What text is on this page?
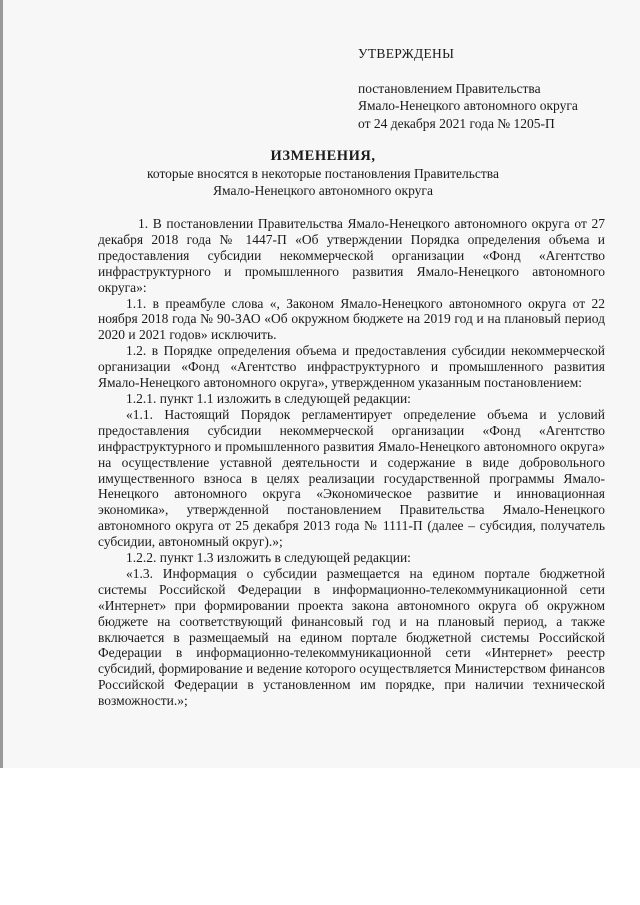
УТВЕРЖДЕНЫ
постановлением Правительства
Ямало-Ненецкого автономного округа
от 24 декабря 2021 года № 1205-П
ИЗМЕНЕНИЯ,
которые вносятся в некоторые постановления Правительства
Ямало-Ненецкого автономного округа

1. В постановлении Правительства Ямало-Ненецкого автономного округа от 27 декабря 2018 года № 1447-П «Об утверждении Порядка определения объема и предоставления субсидии некоммерческой организации «Фонд «Агентство инфраструктурного и промышленного развития Ямало-Ненецкого автономного округа»:

1.1. в преамбуле слова «, Законом Ямало-Ненецкого автономного округа от 22 ноября 2018 года № 90-ЗАО «Об окружном бюджете на 2019 год и на плановый период 2020 и 2021 годов» исключить.

1.2. в Порядке определения объема и предоставления субсидии некоммерческой организации «Фонд «Агентство инфраструктурного и промышленного развития Ямало-Ненецкого автономного округа», утвержденном указанным постановлением:

1.2.1. пункт 1.1 изложить в следующей редакции:

«1.1. Настоящий Порядок регламентирует определение объема и условий предоставления субсидии некоммерческой организации «Фонд «Агентство инфраструктурного и промышленного развития Ямало-Ненецкого автономного округа» на осуществление уставной деятельности и содержание в виде добровольного имущественного взноса в целях реализации государственной программы Ямало-Ненецкого автономного округа «Экономическое развитие и инновационная экономика», утвержденной постановлением Правительства Ямало-Ненецкого автономного округа от 25 декабря 2013 года № 1111-П (далее – субсидия, получатель субсидии, автономный округ).»;

1.2.2. пункт 1.3 изложить в следующей редакции:

«1.3. Информация о субсидии размещается на едином портале бюджетной системы Российской Федерации в информационно-телекоммуникационной сети «Интернет» при формировании проекта закона автономного округа об окружном бюджете на соответствующий финансовый год и на плановый период, а также включается в размещаемый на едином портале бюджетной системы Российской Федерации в информационно-телекоммуникационной сети «Интернет» реестр субсидий, формирование и ведение которого осуществляется Министерством финансов Российской Федерации в установленном им порядке, при наличии технической возможности.»;
